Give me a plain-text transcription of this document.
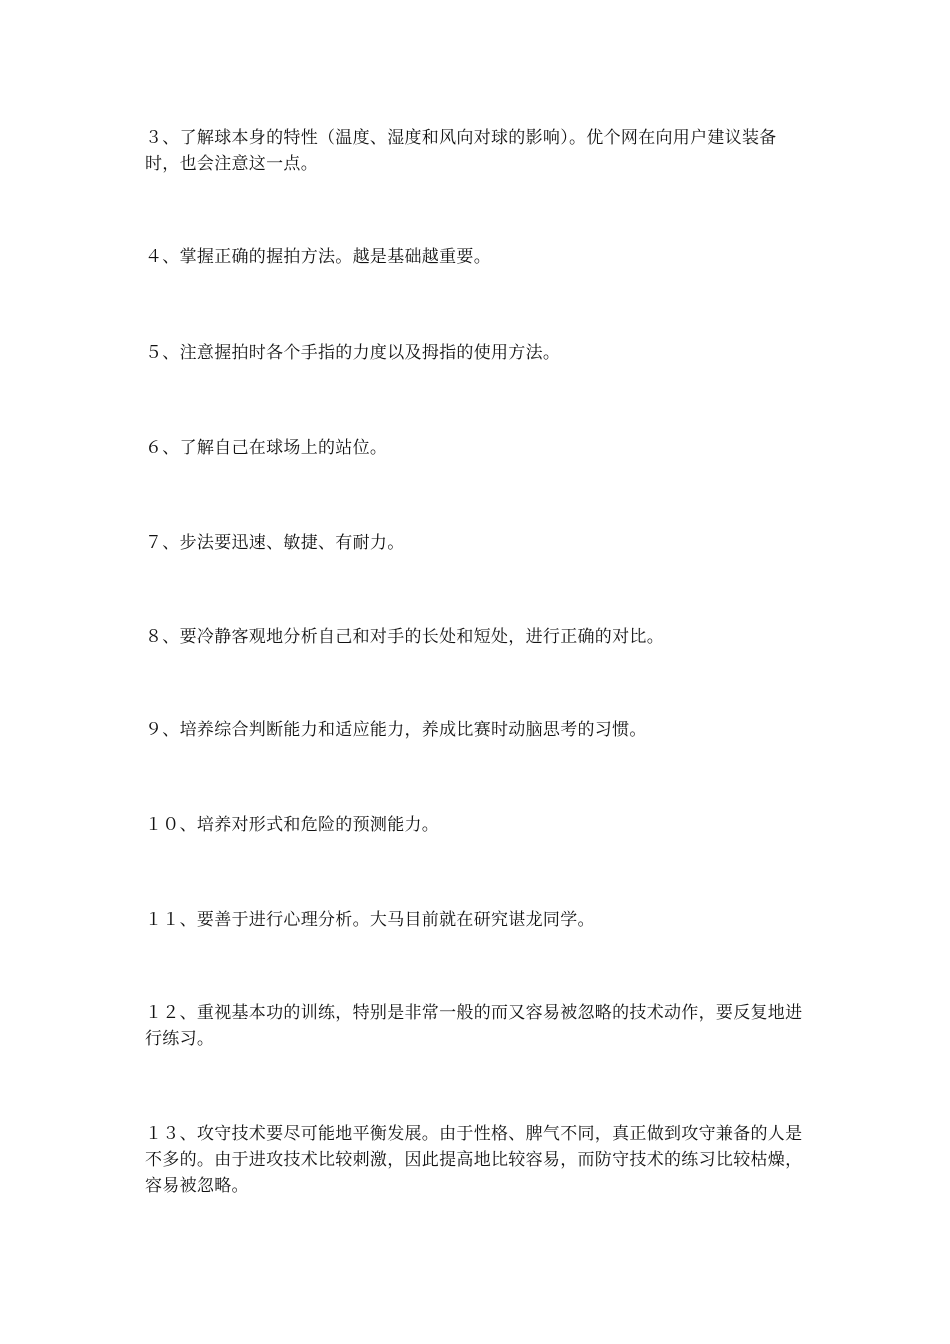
３、了解球本身的特性（温度、湿度和风向对球的影响）。优个网在向用户建议装备时，也会注意这一点。

４、掌握正确的握拍方法。越是基础越重要。

５、注意握拍时各个手指的力度以及拇指的使用方法。

６、了解自己在球场上的站位。

７、步法要迅速、敏捷、有耐力。

８、要冷静客观地分析自己和对手的长处和短处，进行正确的对比。

９、培养综合判断能力和适应能力，养成比赛时动脑思考的习惯。

１０、培养对形式和危险的预测能力。

１１、要善于进行心理分析。大马目前就在研究谌龙同学。

１２、重视基本功的训练，特别是非常一般的而又容易被忽略的技术动作，要反复地进行练习。

１３、攻守技术要尽可能地平衡发展。由于性格、脾气不同，真正做到攻守兼备的人是不多的。由于进攻技术比较刺激，因此提高地比较容易，而防守技术的练习比较枯燥，容易被忽略。
